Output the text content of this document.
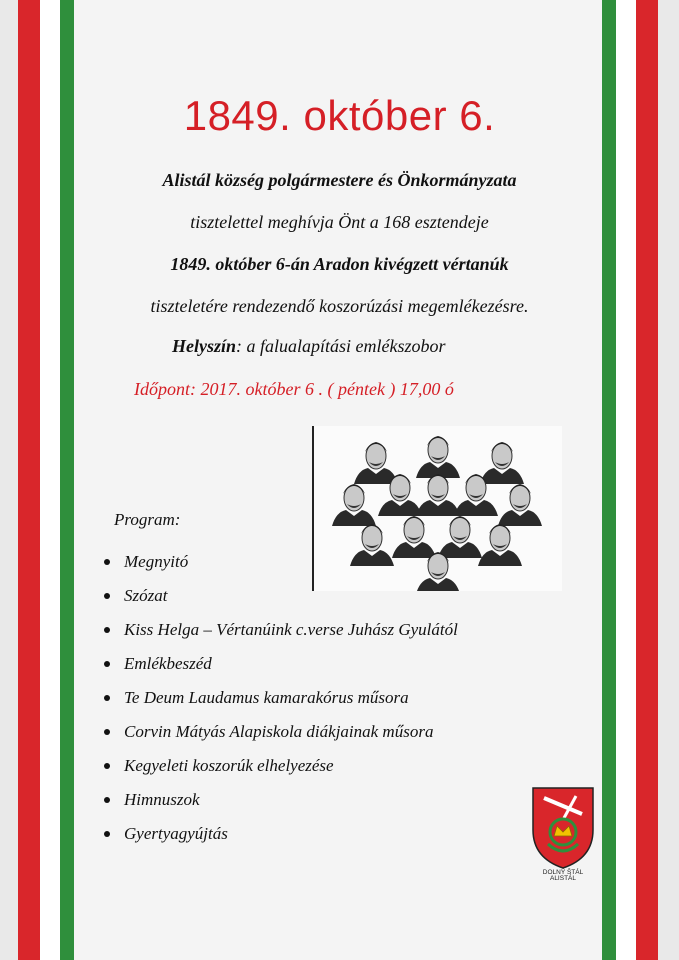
1849. október 6.
Alistál község polgármestere és Önkormányzata
tisztelettel meghívja Önt a 168 esztendeje
1849. október 6-án Aradon kivégzett vértanúk
tiszteletére rendezendő koszorúzási megemlékezésre.
Helyszín: a falualapítási emlékszobor
Időpont: 2017. október 6 . ( péntek ) 17,00 ó
Program:
Megnyitó
Szózat
Kiss Helga – Vértanúink c.verse Juhász Gyulától
Emlékbeszéd
Te Deum Laudamus kamarakórus műsora
Corvin Mátyás Alapiskola diákjainak műsora
Kegyeleti koszorúk elhelyezése
Himnuszok
Gyertyagyújtás
DOLNÝ ŠTÁL
ALISTÁL
